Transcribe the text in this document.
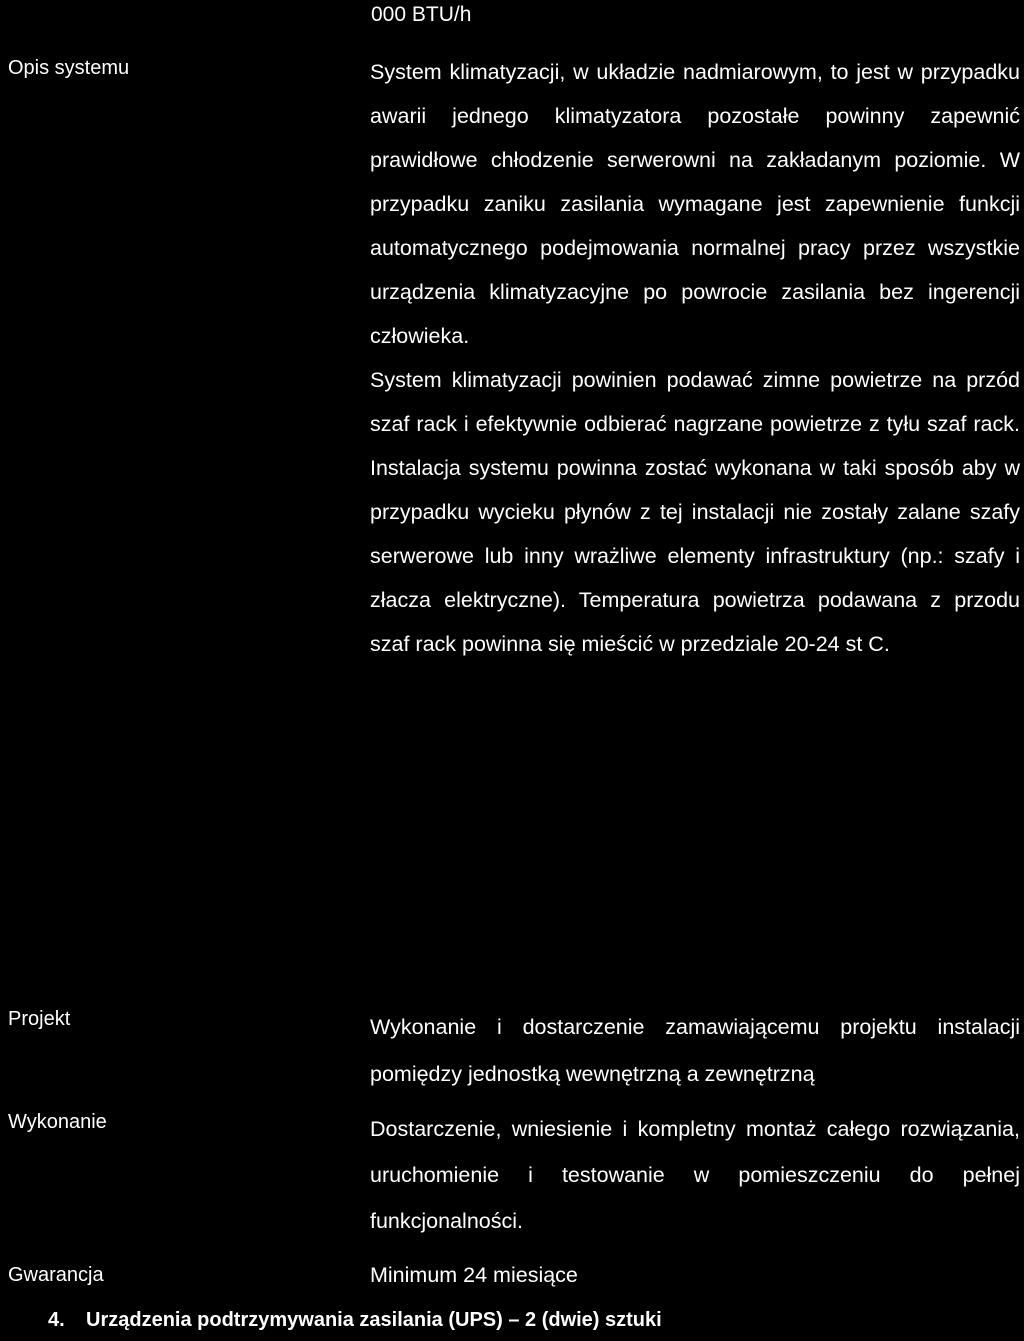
000 BTU/h
Opis systemu	System klimatyzacji, w układzie nadmiarowym, to jest w przypadku awarii jednego klimatyzatora pozostałe powinny zapewnić prawidłowe chłodzenie serwerowni na zakładanym poziomie. W przypadku zaniku zasilania wymagane jest zapewnienie funkcji automatycznego podejmowania normalnej pracy przez wszystkie urządzenia klimatyzacyjne po powrocie zasilania bez ingerencji człowieka.

System klimatyzacji powinien podawać zimne powietrze na przód szaf rack i efektywnie odbierać nagrzane powietrze z tyłu szaf rack. Instalacja systemu powinna zostać wykonana w taki sposób aby w przypadku wycieku płynów z tej instalacji nie zostały zalane szafy serwerowe lub inny wrażliwe elementy infrastruktury (np.: szafy i złacza elektryczne). Temperatura powietrza podawana z przodu szaf rack powinna się mieścić w przedziale 20-24 st C.

Projekt	Wykonanie i dostarczenie zamawiającemu projektu instalacji pomiędzy jednostką wewnętrzną a zewnętrzną
Wykonanie	Dostarczenie, wniesienie i kompletny montaż całego rozwiązania, uruchomienie i testowanie w pomieszczeniu do pełnej funkcjonalności.
Gwarancja	Minimum 24 miesiące
4. Urządzenia podtrzymywania zasilania (UPS) – 2 (dwie) sztuki
